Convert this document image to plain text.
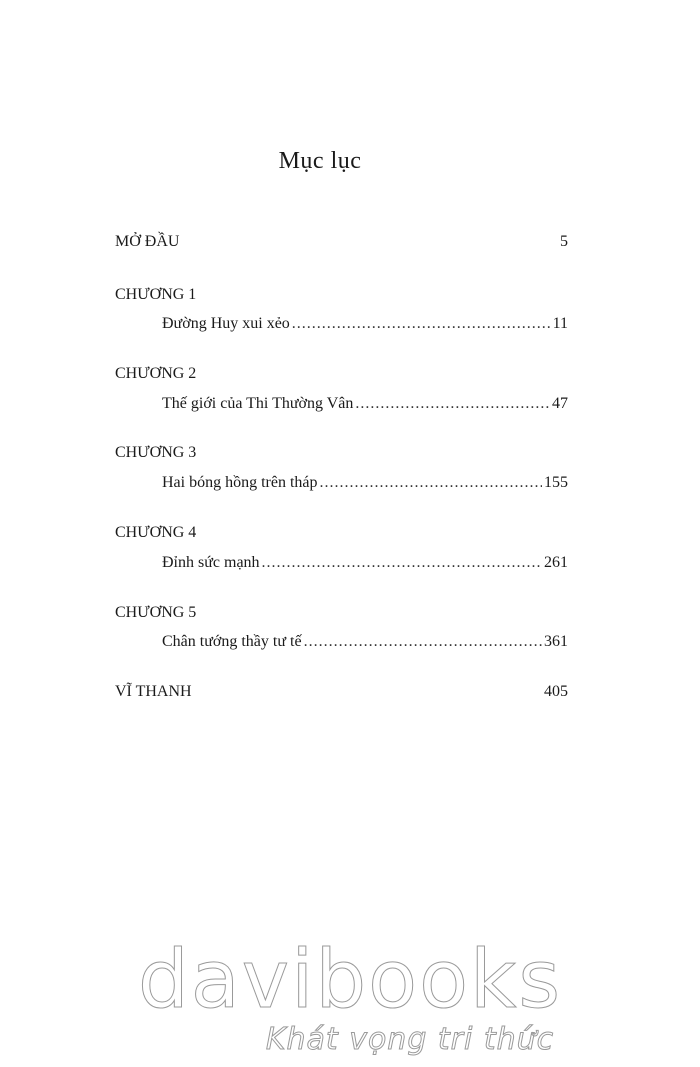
Mục lục
MỞ ĐẦU	5
CHƯƠNG 1
Đường Huy xui xẻo .....	11
CHƯƠNG 2
Thế giới của Thi Thường Vân .....	47
CHƯƠNG 3
Hai bóng hồng trên tháp .....	155
CHƯƠNG 4
Đỉnh sức mạnh .....	261
CHƯƠNG 5
Chân tướng thầy tư tế .....	361
VĨ THANH	405
davibooks
Khát vọng tri thức
